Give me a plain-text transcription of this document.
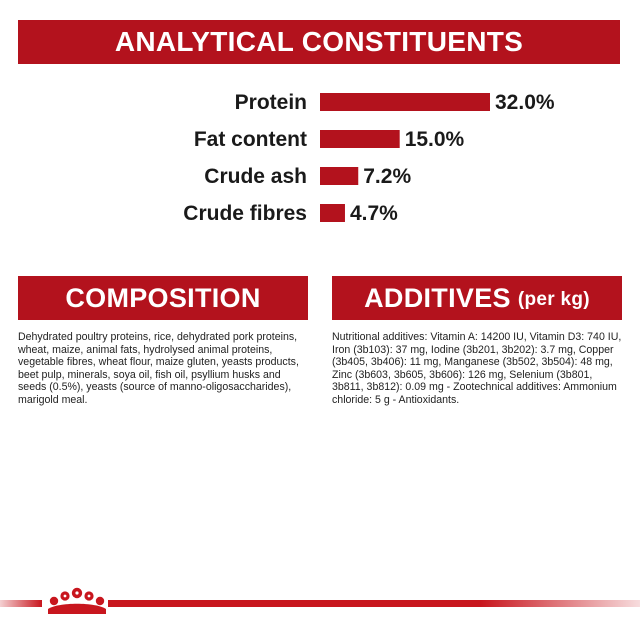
ANALYTICAL CONSTITUENTS
Protein	32.0%
Fat content	15.0%
Crude ash	7.2%
Crude fibres 4.7%
COMPOSITION
Dehydrated poultry proteins, rice, dehydrated pork proteins, wheat, maize, animal fats, hydrolysed animal proteins, vegetable fibres, wheat flour, maize gluten, yeasts products, beet pulp, minerals, soya oil, fish oil, psyllium husks and seeds (0.5%), yeasts (source of manno-oligosaccharides), marigold meal.
ADDITIVES (per kg)
Nutritional additives: Vitamin A: 14200 IU, Vitamin D3: 740 IU, Iron (3b103): 37 mg, Iodine (3b201, 3b202): 3.7 mg, Copper (3b405, 3b406): 11 mg, Manganese (3b502, 3b504): 48 mg, Zinc (3b603, 3b605, 3b606): 126 mg, Selenium (3b801, 3b811, 3b812): 0.09 mg - Zootechnical additives: Ammonium chloride: 5 g - Antioxidants.
